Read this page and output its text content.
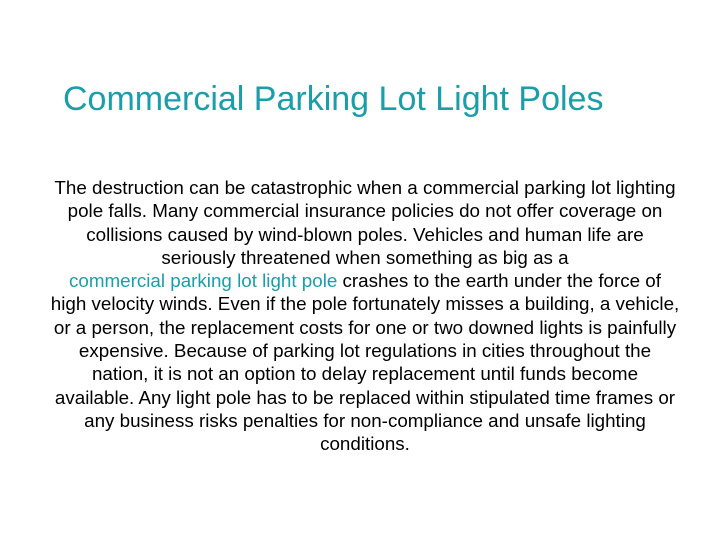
Commercial Parking Lot Light Poles

The destruction can be catastrophic when a commercial parking lot lighting pole falls. Many commercial insurance policies do not offer coverage on collisions caused by wind-blown poles. Vehicles and human life are seriously threatened when something as big as a
commercial parking lot light pole crashes to the earth under the force of high velocity winds. Even if the pole fortunately misses a building, a vehicle, or a person, the replacement costs for one or two downed lights is painfully expensive. Because of parking lot regulations in cities throughout the nation, it is not an option to delay replacement until funds become available. Any light pole has to be replaced within stipulated time frames or any business risks penalties for non-compliance and unsafe lighting conditions.
